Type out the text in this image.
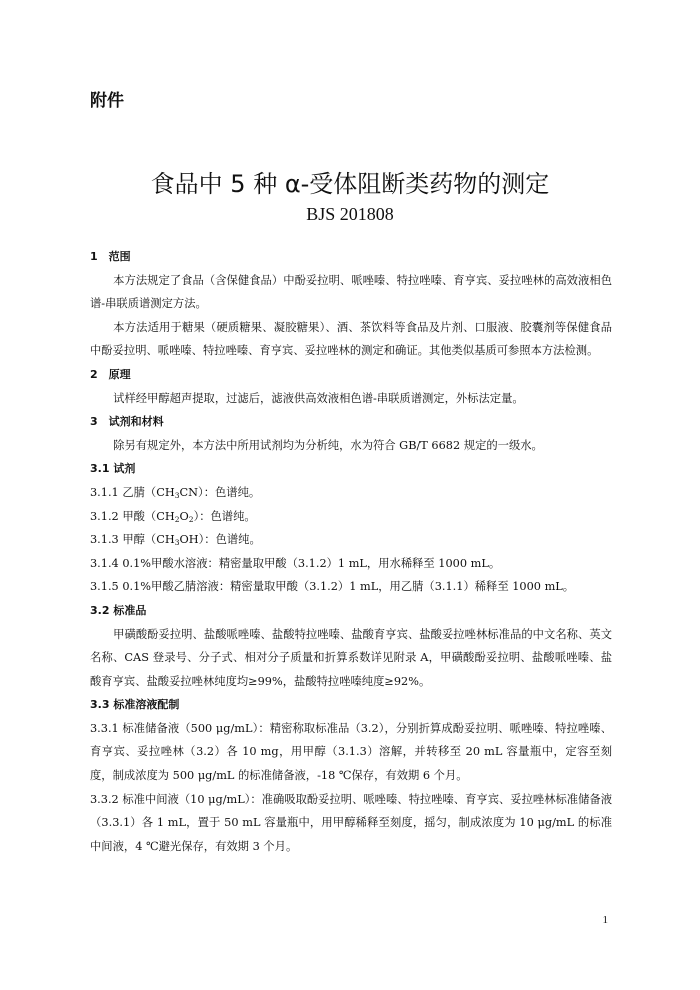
附件
食品中 5 种 α-受体阻断类药物的测定
BJS 201808

1　范围

本方法规定了食品（含保健食品）中酚妥拉明、哌唑嗪、特拉唑嗪、育亨宾、妥拉唑林的高效液相色谱-串联质谱测定方法。

本方法适用于糖果（硬质糖果、凝胶糖果）、酒、茶饮料等食品及片剂、口服液、胶囊剂等保健食品中酚妥拉明、哌唑嗪、特拉唑嗪、育亨宾、妥拉唑林的测定和确证。其他类似基质可参照本方法检测。

2　原理

试样经甲醇超声提取，过滤后，滤液供高效液相色谱-串联质谱测定，外标法定量。

3　试剂和材料

除另有规定外，本方法中所用试剂均为分析纯，水为符合 GB/T 6682 规定的一级水。

3.1 试剂

3.1.1 乙腈$(CH_3CN)$：色谱纯。

3.1.2 甲酸$(CH_2O_2)$：色谱纯。

3.1.3 甲醇$(CH_3OH)$：色谱纯。

3.1.4 0.1%甲酸水溶液：精密量取甲酸（3.1.2）1 mL，用水稀释至 1000 mL。

3.1.5 0.1%甲酸乙腈溶液：精密量取甲酸（3.1.2）1 mL，用乙腈（3.1.1）稀释至 1000 mL。

3.2 标准品

甲磺酸酚妥拉明、盐酸哌唑嗪、盐酸特拉唑嗪、盐酸育亨宾、盐酸妥拉唑林标准品的中文名称、英文名称、CAS 登录号、分子式、相对分子质量和折算系数详见附录 A，甲磺酸酚妥拉明、盐酸哌唑嗪、盐酸育亨宾、盐酸妥拉唑林纯度均≥99%，盐酸特拉唑嗪纯度≥92%。

3.3 标准溶液配制

3.3.1 标准储备液（500 μg/mL）：精密称取标准品（3.2），分别折算成酚妥拉明、哌唑嗪、特拉唑嗪、育亨宾、妥拉唑林（3.2）各 10 mg，用甲醇（3.1.3）溶解，并转移至 20 mL 容量瓶中，定容至刻度，制成浓度为 500 μg/mL 的标准储备液，-18 ℃保存，有效期 6 个月。

3.3.2 标准中间液（10 μg/mL）：准确吸取酚妥拉明、哌唑嗪、特拉唑嗪、育亨宾、妥拉唑林标准储备液（3.3.1）各 1 mL，置于 50 mL 容量瓶中，用甲醇稀释至刻度，摇匀，制成浓度为 10 μg/mL 的标准中间液，4 ℃避光保存，有效期 3 个月。

1
